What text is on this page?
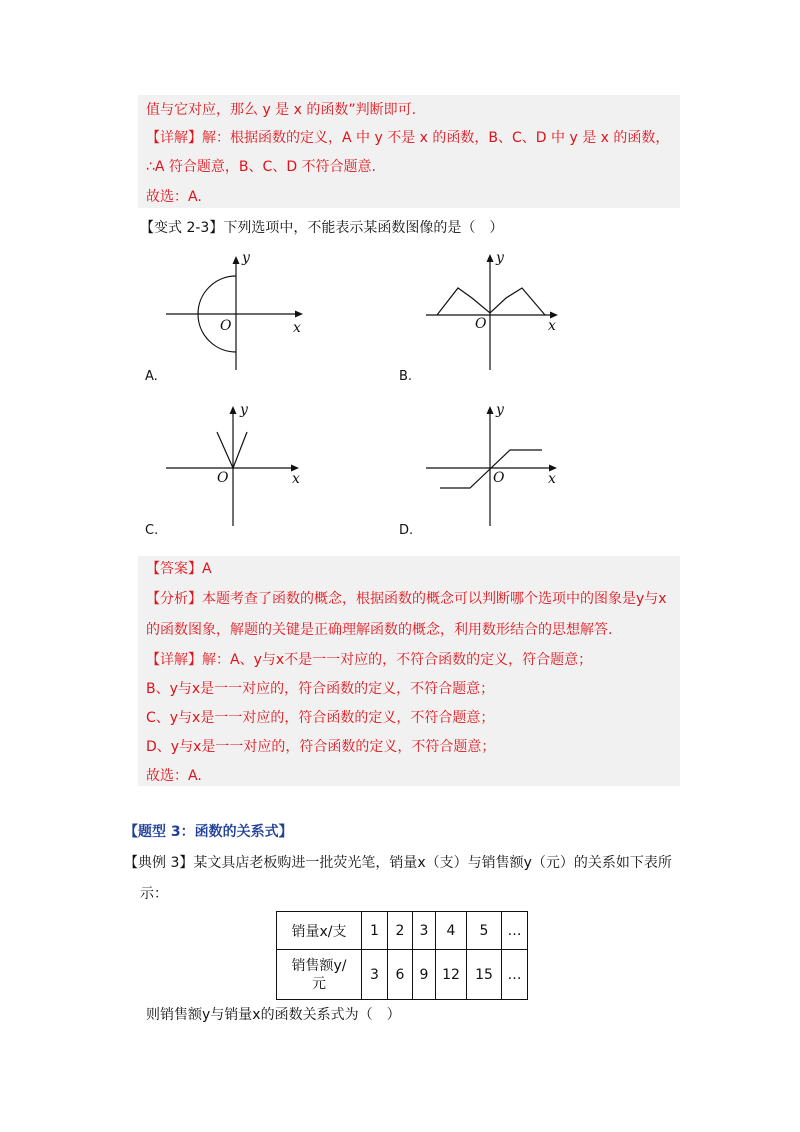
值与它对应，那么 y 是 x 的函数”判断即可.
【详解】解：根据函数的定义，A 中 y 不是 x 的函数，B、C、D 中 y 是 x 的函数，
∴A 符合题意，B、C、D 不符合题意.
故选：A.
【变式 2-3】下列选项中，不能表示某函数图像的是（　）
y
O	x
A.
y
O	x
B.
y
O	x
C.
y
O	x
D.
【答案】A
【分析】本题考查了函数的概念，根据函数的概念可以判断哪个选项中的图象是y与x
的函数图象，解题的关键是正确理解函数的概念，利用数形结合的思想解答.
【详解】解：A、y与x不是一一对应的，不符合函数的定义，符合题意；
B、y与x是一一对应的，符合函数的定义，不符合题意；
C、y与x是一一对应的，符合函数的定义，不符合题意；
D、y与x是一一对应的，符合函数的定义，不符合题意；
故选：A.
【题型 3：函数的关系式】
【典例 3】某文具店老板购进一批荧光笔，销量x（支）与销售额y（元）的关系如下表所
示：
销量x/支	1	2	3	4	5	…

销售额y/
元	3	6	9	12	15	…
则销售额y与销量x的函数关系式为（　）
